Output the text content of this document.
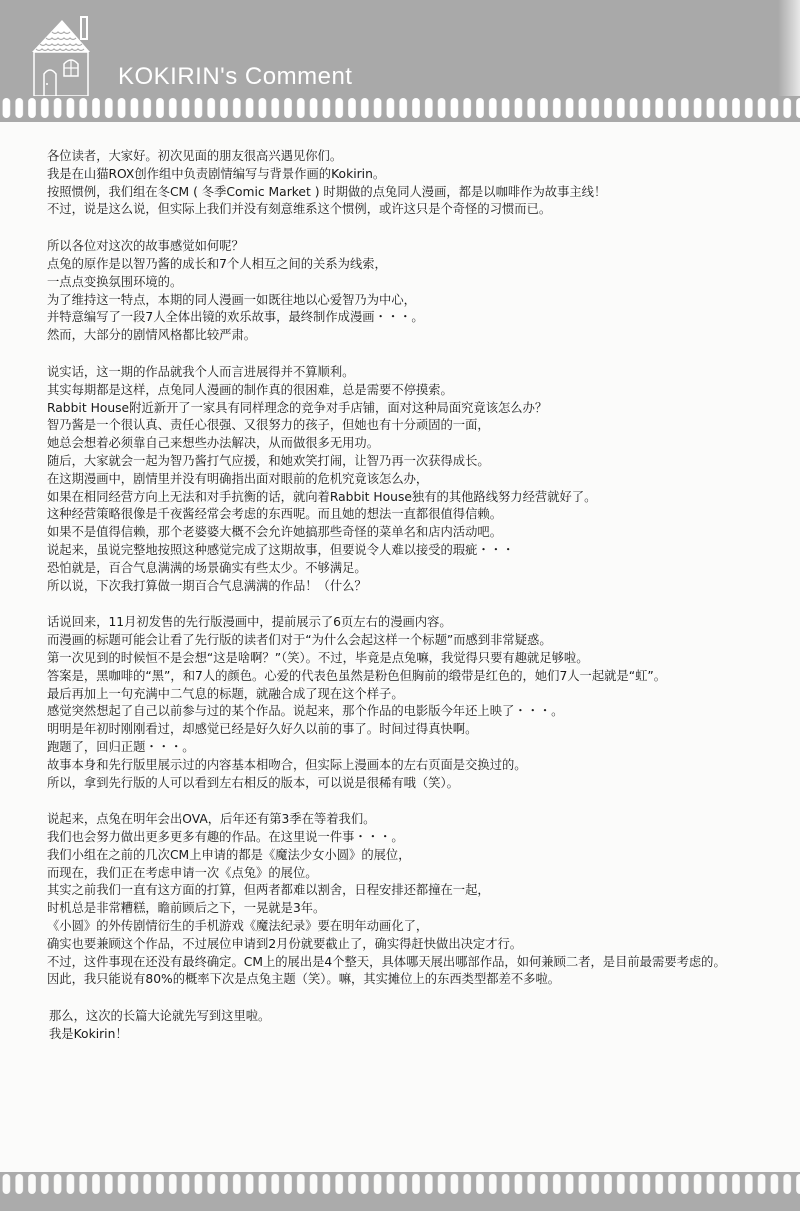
KOKIRIN's Comment
各位读者，大家好。初次见面的朋友很高兴遇见你们。
我是在山猫ROX创作组中负责剧情编写与背景作画的Kokirin。
按照惯例，我们组在冬CM ( 冬季Comic Market ) 时期做的点兔同人漫画，都是以咖啡作为故事主线！
不过，说是这么说，但实际上我们并没有刻意维系这个惯例，或许这只是个奇怪的习惯而已。
所以各位对这次的故事感觉如何呢？
点兔的原作是以智乃酱的成长和7个人相互之间的关系为线索，
一点点变换氛围环境的。
为了维持这一特点，本期的同人漫画一如既往地以心爱智乃为中心，
并特意编写了一段7人全体出镜的欢乐故事，最终制作成漫画・・・。
然而，大部分的剧情风格都比较严肃。
说实话，这一期的作品就我个人而言进展得并不算顺利。
其实每期都是这样，点兔同人漫画的制作真的很困难，总是需要不停摸索。
Rabbit House附近新开了一家具有同样理念的竞争对手店铺，面对这种局面究竟该怎么办？
智乃酱是一个很认真、责任心很强、又很努力的孩子，但她也有十分顽固的一面，
她总会想着必须靠自己来想些办法解决，从而做很多无用功。
随后，大家就会一起为智乃酱打气应援，和她欢笑打闹，让智乃再一次获得成长。
在这期漫画中，剧情里并没有明确指出面对眼前的危机究竟该怎么办，
如果在相同经营方向上无法和对手抗衡的话，就向着Rabbit House独有的其他路线努力经营就好了。
这种经营策略很像是千夜酱经常会考虑的东西呢。而且她的想法一直都很值得信赖。
如果不是值得信赖，那个老婆婆大概不会允许她搞那些奇怪的菜单名和店内活动吧。
说起来，虽说完整地按照这种感觉完成了这期故事，但要说令人难以接受的瑕疵・・・
恐怕就是，百合气息满满的场景确实有些太少。不够满足。
所以说，下次我打算做一期百合气息满满的作品！（什么？
话说回来，11月初发售的先行版漫画中，提前展示了6页左右的漫画内容。
而漫画的标题可能会让看了先行版的读者们对于“为什么会起这样一个标题”而感到非常疑惑。
第一次见到的时候恒不是会想“这是啥啊？”（笑）。不过，毕竟是点兔嘛，我觉得只要有趣就足够啦。
答案是，黑咖啡的“黑”，和7人的颜色。心爱的代表色虽然是粉色但胸前的缎带是红色的，她们7人一起就是“虹”。
最后再加上一句充满中二气息的标题，就融合成了现在这个样子。
感觉突然想起了自己以前参与过的某个作品。说起来，那个作品的电影版今年还上映了・・・。
明明是年初时刚刚看过，却感觉已经是好久好久以前的事了。时间过得真快啊。
跑题了，回归正题・・・。
故事本身和先行版里展示过的内容基本相吻合，但实际上漫画本的左右页面是交换过的。
所以，拿到先行版的人可以看到左右相反的版本，可以说是很稀有哦（笑）。
说起来，点兔在明年会出OVA，后年还有第3季在等着我们。
我们也会努力做出更多更多有趣的作品。在这里说一件事・・・。
我们小组在之前的几次CM上申请的都是《魔法少女小圆》的展位，
而现在，我们正在考虑申请一次《点兔》的展位。
其实之前我们一直有这方面的打算，但两者都难以割舍，日程安排还都撞在一起，
时机总是非常糟糕，瞻前顾后之下，一晃就是3年。
《小圆》的外传剧情衍生的手机游戏《魔法纪录》要在明年动画化了，
确实也要兼顾这个作品，不过展位申请到2月份就要截止了，确实得赶快做出决定才行。
不过，这件事现在还没有最终确定。CM上的展出是4个整天，具体哪天展出哪部作品，如何兼顾二者，是目前最需要考虑的。
因此，我只能说有80%的概率下次是点兔主题（笑）。嘛，其实摊位上的东西类型都差不多啦。
那么，这次的长篇大论就先写到这里啦。
我是Kokirin！
